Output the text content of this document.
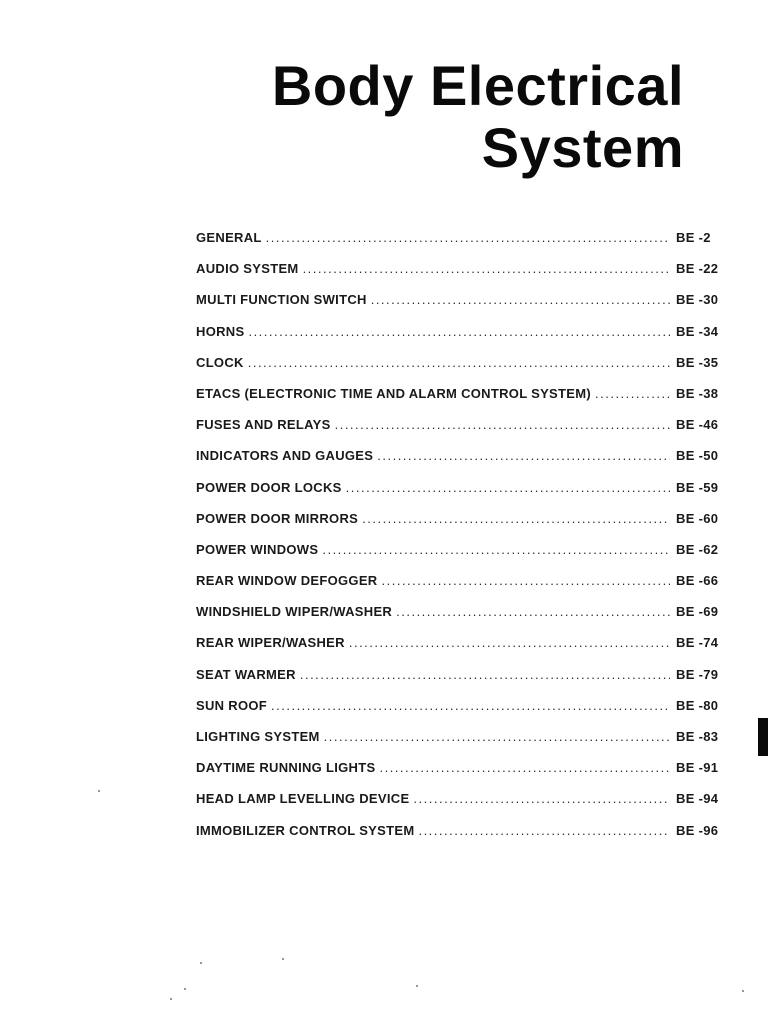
Body Electrical
System
GENERAL .....	BE -2
AUDIO SYSTEM .....	BE -22
MULTI FUNCTION SWITCH .....	BE -30
HORNS .....	BE -34
CLOCK .....	BE -35
ETACS (ELECTRONIC TIME AND ALARM CONTROL SYSTEM) .....	BE -38
FUSES AND RELAYS .....	BE -46
INDICATORS AND GAUGES .....	BE -50
POWER DOOR LOCKS .....	BE -59
POWER DOOR MIRRORS .....	BE -60
POWER WINDOWS .....	BE -62
REAR WINDOW DEFOGGER .....	BE -66
WINDSHIELD WIPER/WASHER .....	BE -69
REAR WIPER/WASHER .....	BE -74
SEAT WARMER .....	BE -79
SUN ROOF .....	BE -80
LIGHTING SYSTEM .....	BE -83
DAYTIME RUNNING LIGHTS .....	BE -91
HEAD LAMP LEVELLING DEVICE .....	BE -94
IMMOBILIZER CONTROL SYSTEM .....	BE -96
